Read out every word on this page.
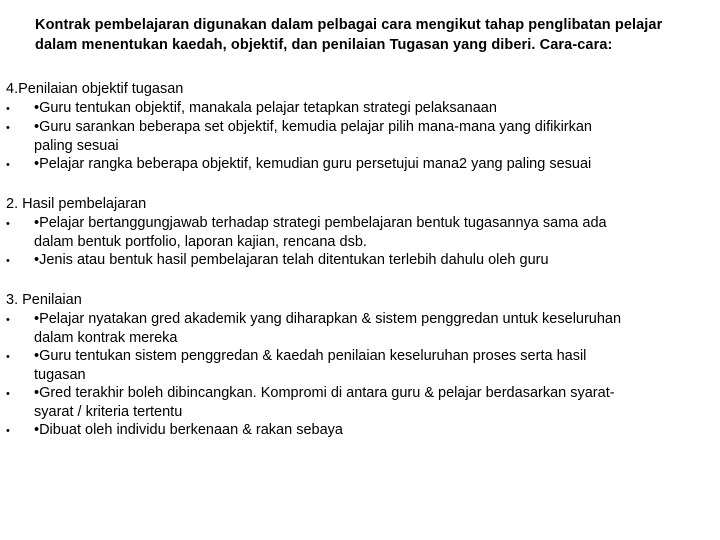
Kontrak pembelajaran digunakan dalam pelbagai cara mengikut tahap penglibatan pelajar
dalam menentukan kaedah, objektif, dan penilaian Tugasan yang diberi. Cara-cara:
4.Penilaian objektif tugasan
•	•Guru tentukan objektif, manakala pelajar tetapkan strategi pelaksanaan
•	•Guru sarankan beberapa set objektif, kemudia pelajar pilih mana-mana yang difikirkan
paling sesuai
•	•Pelajar rangka beberapa objektif, kemudian guru persetujui mana2 yang paling sesuai
2. Hasil pembelajaran
•	•Pelajar bertanggungjawab terhadap strategi pembelajaran bentuk tugasannya sama ada
dalam bentuk portfolio, laporan kajian, rencana dsb.
•	•Jenis atau bentuk hasil pembelajaran telah ditentukan terlebih dahulu oleh guru
3. Penilaian
•	•Pelajar nyatakan gred akademik yang diharapkan & sistem penggredan untuk keseluruhan
dalam kontrak mereka
•	•Guru tentukan sistem penggredan & kaedah penilaian keseluruhan proses serta hasil
tugasan
•	•Gred terakhir boleh dibincangkan. Kompromi di antara guru & pelajar berdasarkan syarat-
syarat / kriteria tertentu
•	•Dibuat oleh individu berkenaan & rakan sebaya
